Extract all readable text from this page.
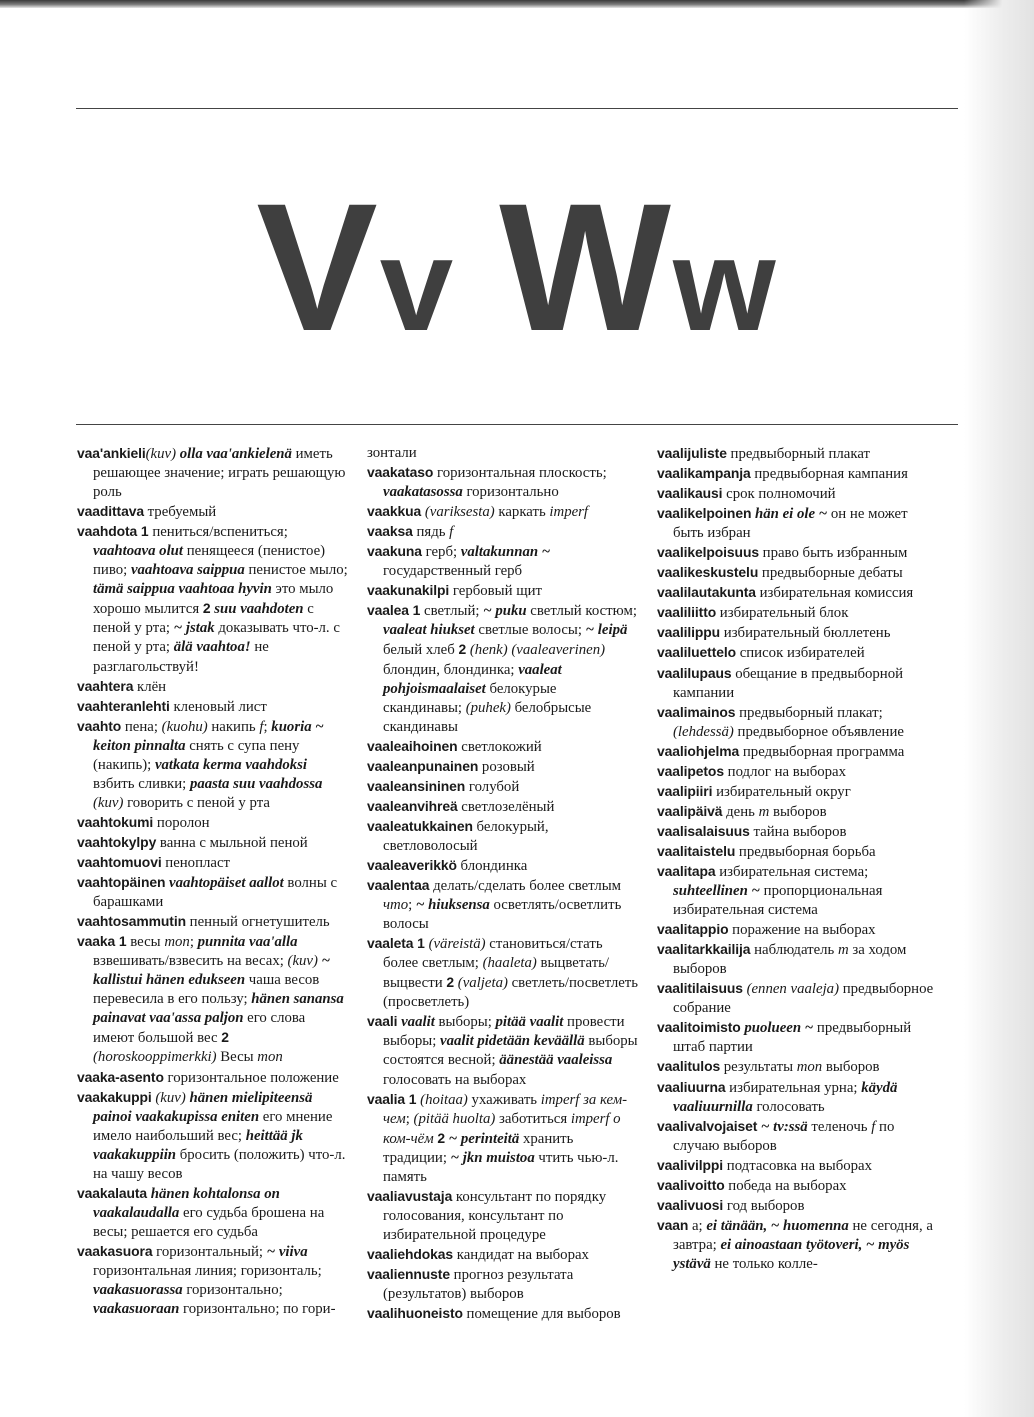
Vv Ww

vaa'ankieli(kuv) olla vaa'ankielenä иметь решающее значение; играть решающую роль

vaadittava требуемый

vaahdota 1 пениться/вспениться; vaahtoava olut пенящееся (пенистое) пиво; vaahtoava saippua пенистое мыло; tämä saippua vaahtoaa hyvin это мыло хорошо мылится 2 suu vaahdoten с пеной у рта; ~ jstak доказывать что-л. с пеной у рта; älä vaahtoa! не разглагольствуй!

vaahtera клён

vaahteranlehti кленовый лист

vaahto пена; (kuohu) накипь f; kuoria ~ keiton pinnalta снять с супа пену (накипь); vatkata kerma vaahdoksi взбить сливки; paasta suu vaahdossa (kuv) говорить с пеной у рта

vaahtokumi поролон

vaahtokylpy ванна с мыльной пеной

vaahtomuovi пенопласт

vaahtopäinen vaahtopäiset aallot волны с барашками

vaahtosammutin пенный огнетушитель

vaaka 1 весы mon; punnita vaa'alla взвешивать/взвесить на весах; (kuv) ~ kallistui hänen edukseen чаша весов перевесила в его пользу; hänen sanansa painavat vaa'assa paljon его слова имеют большой вес 2 (horoskooppimerkki) Весы mon

vaaka-asento горизонтальное положение

vaakakuppi (kuv) hänen mielipiteensä painoi vaakakupissa eniten его мнение имело наибольший вес; heittää jk vaakakuppiin бросить (положить) что-л. на чашу весов

vaakalauta hänen kohtalonsa on vaakalaudalla его судьба брошена на весы; решается его судьба

vaakasuora горизонтальный; ~ viiva горизонтальная линия; горизонталь; vaakasuorassa горизонтально; vaakasuoraan горизонтально; по гори-

зонтали

vaakataso горизонтальная плоскость; vaakatasossa горизонтально

vaakkua (variksesta) каркать imperf

vaaksa пядь f

vaakuna герб; valtakunnan ~ государственный герб

vaakunakilpi гербовый щит

vaalea 1 светлый; ~ puku светлый костюм; vaaleat hiukset светлые волосы; ~ leipä белый хлеб 2 (henk) (vaaleaverinen) блондин, блондинка; vaaleat pohjoismaalaiset белокурые скандинавы; (puhek) белобрысые скандинавы

vaaleaihoinen светлокожий

vaaleanpunainen розовый

vaaleansininen голубой

vaaleanvihreä светлозелёный

vaaleatukkainen белокурый, светловолосый

vaaleaverikkö блондинка

vaalentaa делать/сделать более светлым что; ~ hiuksensa осветлять/осветлить волосы

vaaleta 1 (väreistä) становиться/стать более светлым; (haaleta) выцветать/выцвести 2 (valjeta) светлеть/посветлеть (просветлеть)

vaali vaalit выборы; pitää vaalit провести выборы; vaalit pidetään keväällä выборы состоятся весной; äänestää vaaleissa голосовать на выборах

vaalia 1 (hoitaa) ухаживать imperf за кем-чем; (pitää huolta) заботиться imperf о ком-чём 2 ~ perinteitä хранить традиции; ~ jkn muistoa чтить чью-л. память

vaaliavustaja консультант по порядку голосования, консультант по избирательной процедуре

vaaliehdokas кандидат на выборах

vaaliennuste прогноз результата (результатов) выборов

vaalihuoneisto помещение для выборов

vaalijuliste предвыборный плакат

vaalikampanja предвыборная кампания

vaalikausi срок полномочий

vaalikelpoinen hän ei ole ~ он не может быть избран

vaalikelpoisuus право быть избранным

vaalikeskustelu предвыборные дебаты

vaalilautakunta избирательная комиссия

vaaliliitto избирательный блок

vaalilippu избирательный бюллетень

vaaliluettelo список избирателей

vaalilupaus обещание в предвыборной кампании

vaalimainos предвыборный плакат; (lehdessä) предвыборное объявление

vaaliohjelma предвыборная программа

vaalipetos подлог на выборах

vaalipiiri избирательный округ

vaalipäivä день m выборов

vaalisalaisuus тайна выборов

vaalitaistelu предвыборная борьба

vaalitapa избирательная система; suhteellinen ~ пропорциональная избирательная система

vaalitappio поражение на выборах

vaalitarkkailija наблюдатель m за ходом выборов

vaalitilaisuus (ennen vaaleja) предвыборное собрание

vaalitoimisto puolueen ~ предвыборный штаб партии

vaalitulos результаты mon выборов

vaaliuurna избирательная урна; käydä vaaliuurnilla голосовать

vaalivalvojaiset ~ tv:ssä теленочь f по случаю выборов

vaalivilppi подтасовка на выборах

vaalivoitto победа на выборах

vaalivuosi год выборов

vaan а; ei tänään, ~ huomenna не сегодня, а завтра; ei ainoastaan työtoveri, ~ myös ystävä не только колле-
